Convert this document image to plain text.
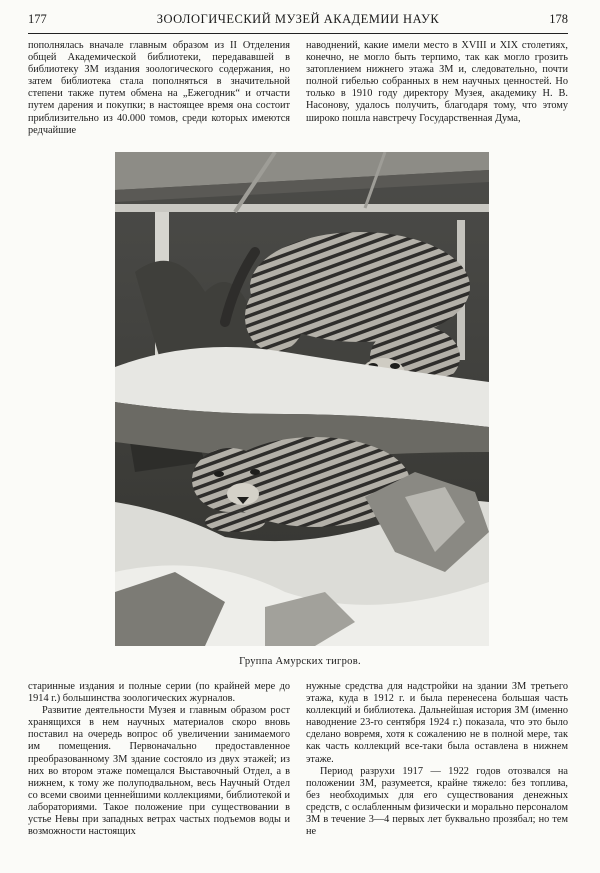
177	ЗООЛОГИЧЕСКИЙ МУЗЕЙ АКАДЕМИИ НАУК	178

пополнялась вначале главным образом из II Отделения общей Академической библиотеки, передававшей в библиотеку ЗМ издания зоологического содержания, но затем библиотека стала пополняться в значительной степени также путем обмена на „Ежегодник“ и отчасти путем дарения и покупки; в настоящее время она состоит приблизительно из 40.000 томов, среди которых имеются редчайшие

наводнений, какие имели место в XVIII и XIX столетиях, конечно, не могло быть терпимо, так как могло грозить затоплением нижнего этажа ЗМ и, следовательно, почти полной гибелью собранных в нем научных ценностей. Но только в 1910 году директору Музея, академику Н. В. Насонову, удалось получить, благодаря тому, что этому широко пошла навстречу Государственная Дума,

Группа Амурских тигров.

старинные издания и полные серии (по крайней мере до 1914 г.) большинства зоологических журналов.

Развитие деятельности Музея и главным образом рост хранящихся в нем научных материалов скоро вновь поставил на очередь вопрос об увеличении занимаемого им помещения. Первоначально предоставленное преобразованному ЗМ здание состояло из двух этажей; из них во втором этаже помещался Выставочный Отдел, а в нижнем, к тому же полуподвальном, весь Научный Отдел со всеми своими ценнейшими коллекциями, библиотекой и лабораториями. Такое положение при существовании в устье Невы при западных ветрах частых подъемов воды и возможности настоящих

нужные средства для надстройки на здании ЗМ третьего этажа, куда в 1912 г. и была перенесена большая часть коллекций и библиотека. Дальнейшая история ЗМ (именно наводнение 23-го сентября 1924 г.) показала, что это было сделано вовремя, хотя к сожалению не в полной мере, так как часть коллекций все-таки была оставлена в нижнем этаже.

Период разрухи 1917 — 1922 годов отозвался на положении ЗМ, разумеется, крайне тяжело: без топлива, без необходимых для его существования денежных средств, с ослабленным физически и морально персоналом ЗМ в течение 3—4 первых лет буквально прозябал; но тем не
